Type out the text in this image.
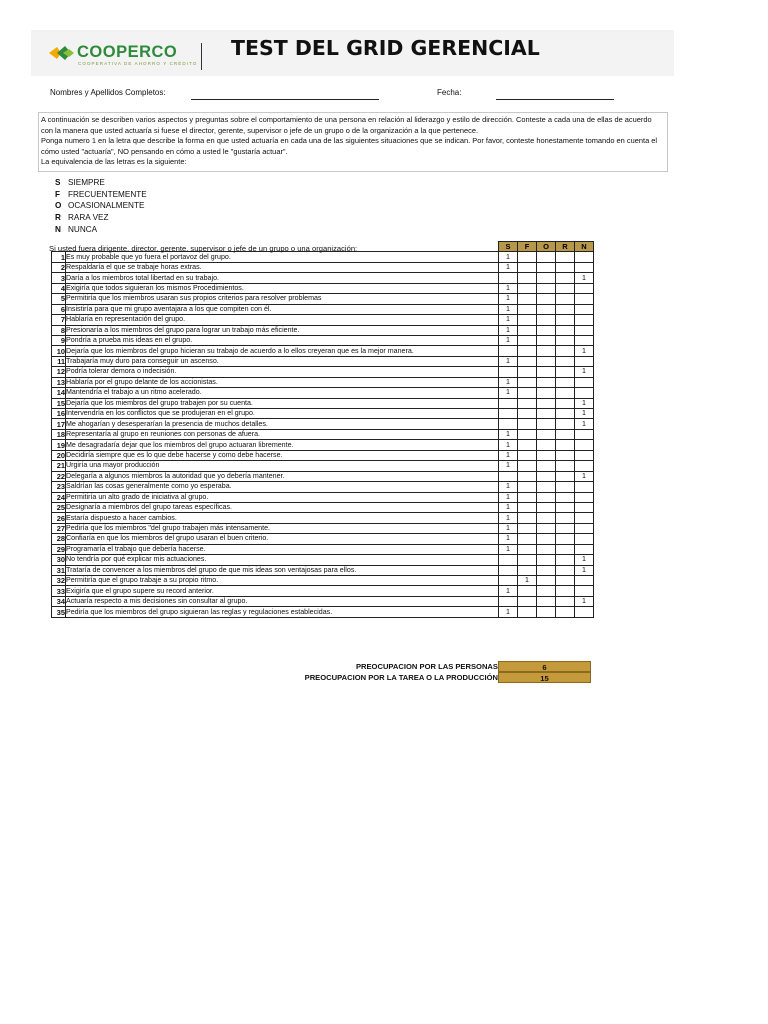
COOPERCO
COOPERATIVA DE AHORRO Y CRÉDITO
TEST DEL GRID GERENCIAL
Nombres y Apellidos Completos:	Fecha:

A continuación se describen varios aspectos y preguntas sobre el comportamiento de una persona en relación al liderazgo y estilo de dirección. Conteste a cada una de ellas de acuerdo con la manera que usted actuaría si fuese el director, gerente, supervisor o jefe de un grupo o de la organización a la que pertenece.

Ponga numero 1 en la letra que describe la forma en que usted actuaría en cada una de las siguientes situaciones que se indican. Por favor, conteste honestamente tomando en cuenta el cómo usted "actuaría", NO pensando en cómo a usted le "gustaría actuar".

La equivalencia de las letras es la siguiente:

S SIEMPRE
F FRECUENTEMENTE
O OCASIONALMENTE
R RARA VEZ
N NUNCA
Si usted fuera dirigente, director, gerente, supervisor o jefe de un grupo o una organización:
			S	F	O	R	N
1	Es muy probable que yo fuera el portavoz del grupo.	1				
2	Respaldaría el que se trabaje horas extras.	1				
3	Daría a los miembros total libertad en su trabajo.					1
4	Exigiría que todos siguieran los mismos Procedimientos.	1				
5	Permitiría que los miembros usaran sus propios criterios para resolver problemas	1				
6	Insistiría para que mi grupo aventajara a los que compiten con él.	1				
7	Hablaría en representación del grupo.	1				
8	Presionaría a los miembros del grupo para lograr un trabajo más eficiente.	1				
9	Pondría a prueba mis ideas en el grupo.	1				
10	Dejaría que los miembros del grupo hicieran su trabajo de acuerdo a lo ellos creyeran que es la mejor manera.					1
11	Trabajaría muy duro para conseguir un ascenso.	1				
12	Podría tolerar demora o indecisión.					1
13	Hablaría por el grupo delante de los accionistas.	1				
14	Mantendría el trabajo a un ritmo acelerado.	1				
15	Dejaría que los miembros del grupo trabajen por su cuenta.					1
16	Intervendría en los conflictos que se produjeran en el grupo.					1
17	Me ahogarían y desesperarían la presencia de muchos detalles.					1
18	Representaría al grupo en reuniones con personas de afuera.	1				
19	Me desagradaría dejar que los miembros del grupo actuaran libremente.	1				
20	Decidiría siempre que es lo que debe hacerse y como debe hacerse.	1				
21	Urgiría una mayor producción	1				
22	Delegaría a algunos miembros la autoridad que yo debería mantener.					1
23	Saldrían las cosas generalmente como yo esperaba.	1				
24	Permitiría un alto grado de iniciativa al grupo.	1				
25	Designaría a miembros del grupo tareas específicas.	1				
26	Estaría dispuesto a hacer cambios.	1				
27	Pediría que los miembros "del grupo trabajen más intensamente.	1				
28	Confiaría en que los miembros del grupo usaran el buen criterio.	1				
29	Programaría el trabajo que debería hacerse.	1				
30	No tendría por qué explicar mis actuaciones.					1
31	Trataría de convencer a los miembros del grupo de que mis ideas son ventajosas para ellos.					1
32	Permitiría que el grupo trabaje a su propio ritmo.		1			
33	Exigiría que el grupo supere su record anterior.	1				
34	Actuaría respecto a mis decisiones sin consultar al grupo.					1
35	Pediría que los miembros del grupo siguieran las reglas y regulaciones establecidas.	1				
PREOCUPACION POR LAS PERSONAS	6
PREOCUPACION POR LA TAREA O LA PRODUCCIÓN	15
